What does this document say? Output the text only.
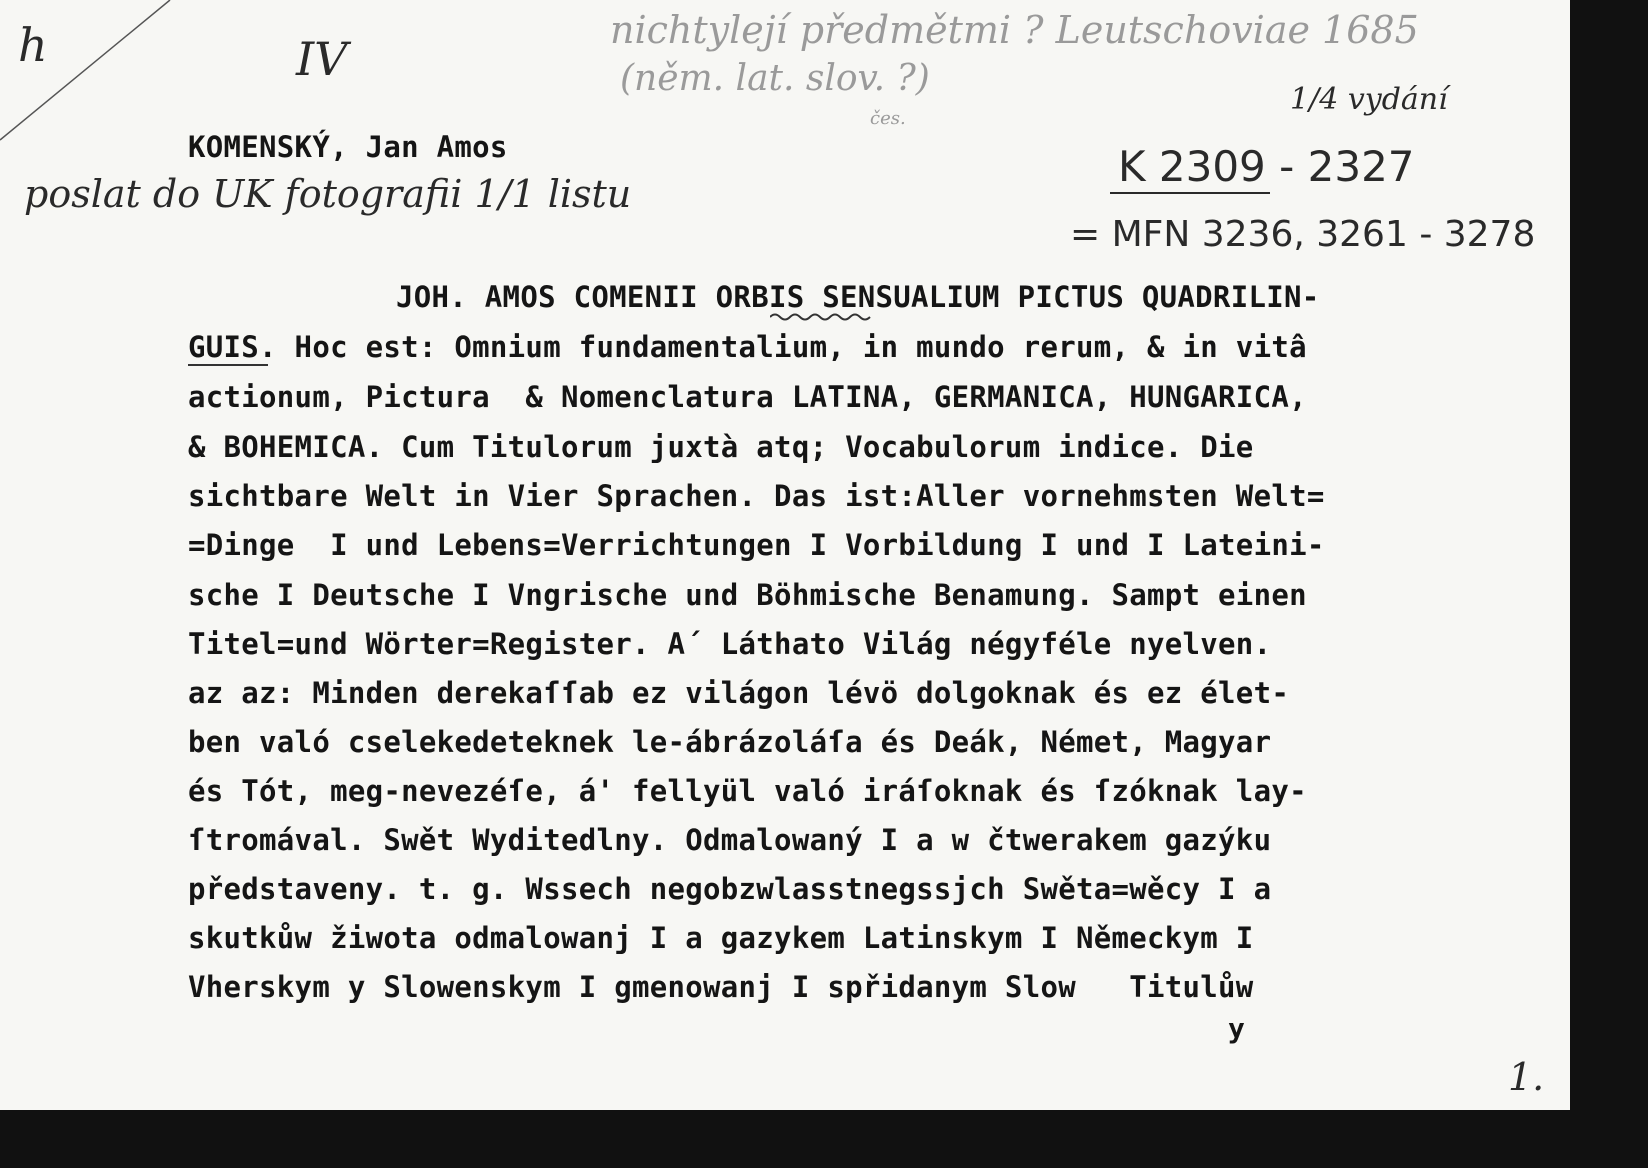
h	IV
nichtylejí předmětmi ? Leutschoviae 1685
(něm. lat. slov. ?)
čes.
1/4 vydání
K 2309 - 2327
= MFN 3236, 3261 - 3278
KOMENSKÝ, Jan Amos
poslat do UK fotografii 1/1 listu
JOH. AMOS COMENII ORBIS SENSUALIUM PICTUS QUADRILIN-
GUIS. Hoc est: Omnium fundamentalium, in mundo rerum, & in vitâ
actionum, Pictura  & Nomenclatura LATINA, GERMANICA, HUNGARICA,
& BOHEMICA. Cum Titulorum juxtà atq; Vocabulorum indice. Die
sichtbare Welt in Vier Sprachen. Das ist:Aller vornehmsten Welt=
=Dinge  I und Lebens=Verrichtungen I Vorbildung I und I Lateini-
sche I Deutsche I Vngrische und Böhmische Benamung. Sampt einen
Titel=und Wörter=Register. A´ Láthato Világ négyféle nyelven.
az az: Minden derekaſſab ez világon lévö dolgoknak és ez élet-
ben való cselekedeteknek le-ábrázoláſa és Deák, Német, Magyar
és Tót, meg-nevezéſe, á' fellyül való iráſoknak és ſzóknak lay-
ſtromával. Swět Wyditedlny. Odmalowaný I a w čtwerakem gazýku
představeny. t. g. Wssech negobzwlasstnegssjch Swěta=wěcy I a
skutkůw žiwota odmalowanj I a gazykem Latinskym I Německym I
Vherskym y Slowenskym I gmenowanj I spřidanym Slow   Titulůw
y
1.
